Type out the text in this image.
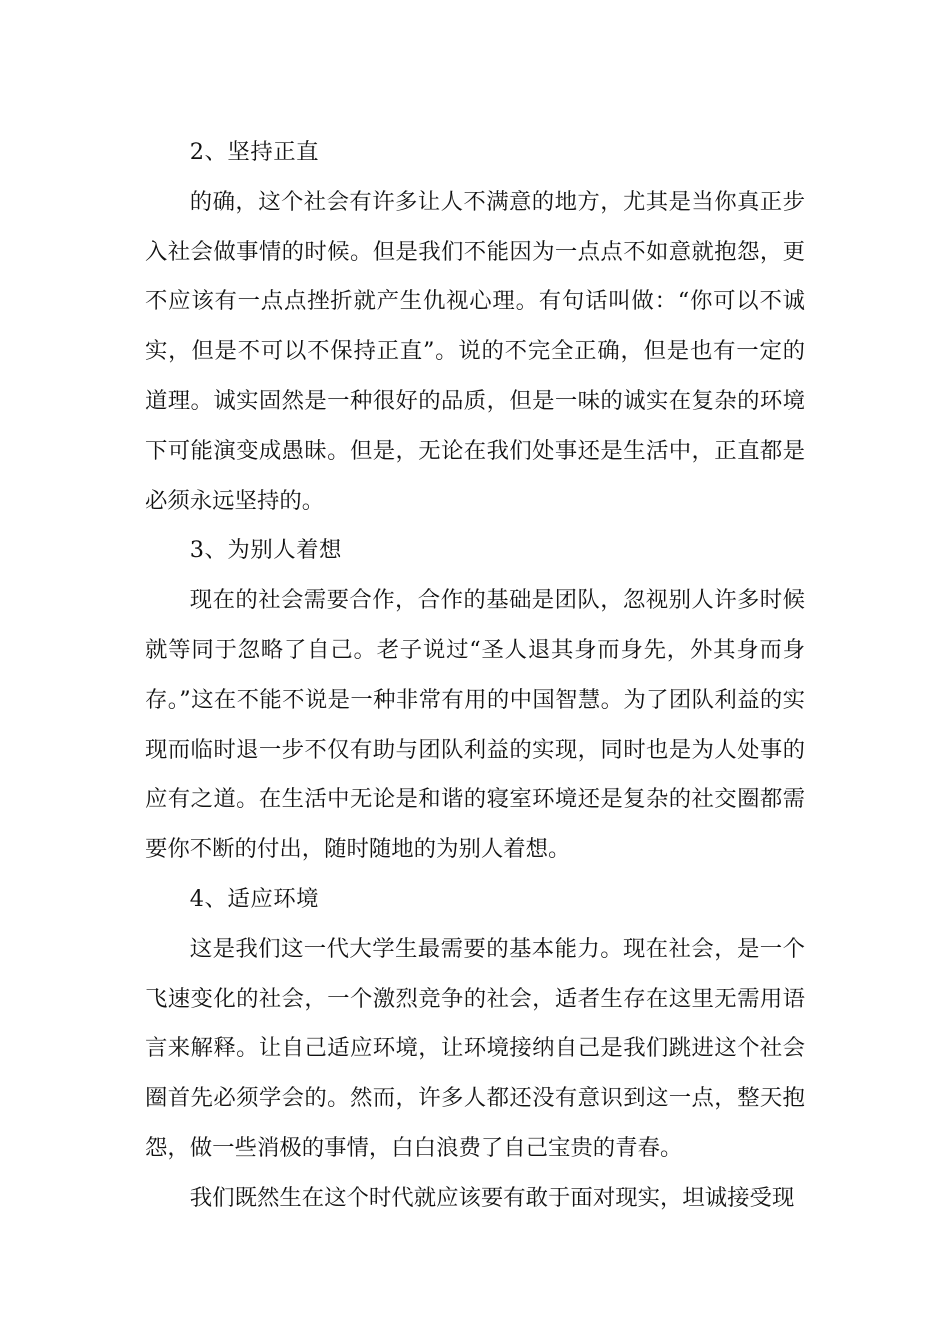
2、坚持正直

的确，这个社会有许多让人不满意的地方，尤其是当你真正步入社会做事情的时候。但是我们不能因为一点点不如意就抱怨，更不应该有一点点挫折就产生仇视心理。有句话叫做：“你可以不诚实，但是不可以不保持正直”。说的不完全正确，但是也有一定的道理。诚实固然是一种很好的品质，但是一味的诚实在复杂的环境下可能演变成愚昧。但是，无论在我们处事还是生活中，正直都是必须永远坚持的。

3、为别人着想

现在的社会需要合作，合作的基础是团队，忽视别人许多时候就等同于忽略了自己。老子说过“圣人退其身而身先，外其身而身存。”这在不能不说是一种非常有用的中国智慧。为了团队利益的实现而临时退一步不仅有助与团队利益的实现，同时也是为人处事的应有之道。在生活中无论是和谐的寝室环境还是复杂的社交圈都需要你不断的付出，随时随地的为别人着想。

4、适应环境

这是我们这一代大学生最需要的基本能力。现在社会，是一个飞速变化的社会，一个激烈竞争的社会，适者生存在这里无需用语言来解释。让自己适应环境，让环境接纳自己是我们跳进这个社会圈首先必须学会的。然而，许多人都还没有意识到这一点，整天抱怨，做一些消极的事情，白白浪费了自己宝贵的青春。

我们既然生在这个时代就应该要有敢于面对现实，坦诚接受现
